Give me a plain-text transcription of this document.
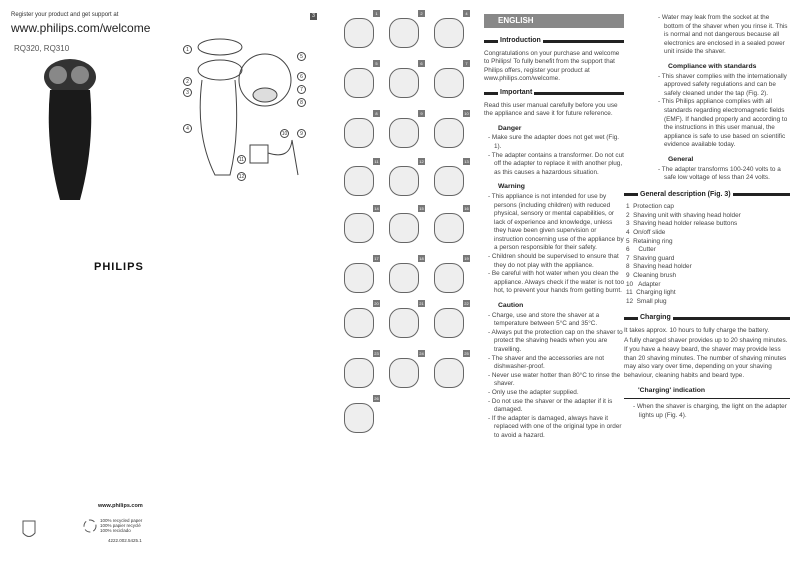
Register your product and get support at
www.philips.com/welcome
RQ320, RQ310
3
1
2
3
4
5
6
7
8
9
10
11
12
PHILIPS
www.philips.com
100% recycled paper
100% papier recyclé
100% reciclado
4222.002.5425.1
1	2	4
5	6	7
8	9	10
11	12	13
14	15	16
17	18	19
20	21	22
23	24	25
26
ENGLISH
Introduction
Congratulations on your purchase and welcome to Philips! To fully benefit from the support that Philips offers, register your product at www.philips.com/welcome.
Important
Read this user manual carefully before you use the appliance and save it for future reference.
Danger
- Make sure the adapter does not get wet (Fig. 1).
- The adapter contains a transformer. Do not cut off the adapter to replace it with another plug, as this causes a hazardous situation.
Warning
- This appliance is not intended for use by persons (including children) with reduced physical, sensory or mental capabilities, or lack of experience and knowledge, unless they have been given supervision or instruction concerning use of the appliance by a person responsible for their safety.
- Children should be supervised to ensure that they do not play with the appliance.
- Be careful with hot water when you clean the appliance. Always check if the water is not too hot, to prevent your hands from getting burnt.
Caution
- Charge, use and store the shaver at a temperature between 5°C and 35°C.
- Always put the protection cap on the shaver to protect the shaving heads when you are travelling.
- The shaver and the accessories are not dishwasher-proof.
- Never use water hotter than 80°C to rinse the shaver.
- Only use the adapter supplied.
- Do not use the shaver or the adapter if it is damaged.
- If the adapter is damaged, always have it replaced with one of the original type in order to avoid a hazard.
- Water may leak from the socket at the bottom of the shaver when you rinse it. This is normal and not dangerous because all electronics are enclosed in a sealed power unit inside the shaver.
Compliance with standards
- This shaver complies with the internationally approved safety regulations and can be safely cleaned under the tap (Fig. 2).
- This Philips appliance complies with all standards regarding electromagnetic fields (EMF). If handled properly and according to the instructions in this user manual, the appliance is safe to use based on scientific evidence available today.
General
- The adapter transforms 100-240 volts to a safe low voltage of less than 24 volts.
General description (Fig. 3)
1  Protection cap
2  Shaving unit with shaving head holder
3  Shaving head holder release buttons
4  On/off slide
5  Retaining ring
6     Cutter
7  Shaving guard
8  Shaving head holder
9  Cleaning brush
10   Adapter
11  Charging light
12  Small plug
Charging
It takes approx. 10 hours to fully charge the battery.
A fully charged shaver provides up to 20 shaving minutes.
If you have a heavy beard, the shaver may provide less than 20 shaving minutes. The number of shaving minutes may also vary over time, depending on your shaving behaviour, cleaning habits and beard type.
'Charging' indication
- When the shaver is charging, the light on the adapter lights up (Fig. 4).
